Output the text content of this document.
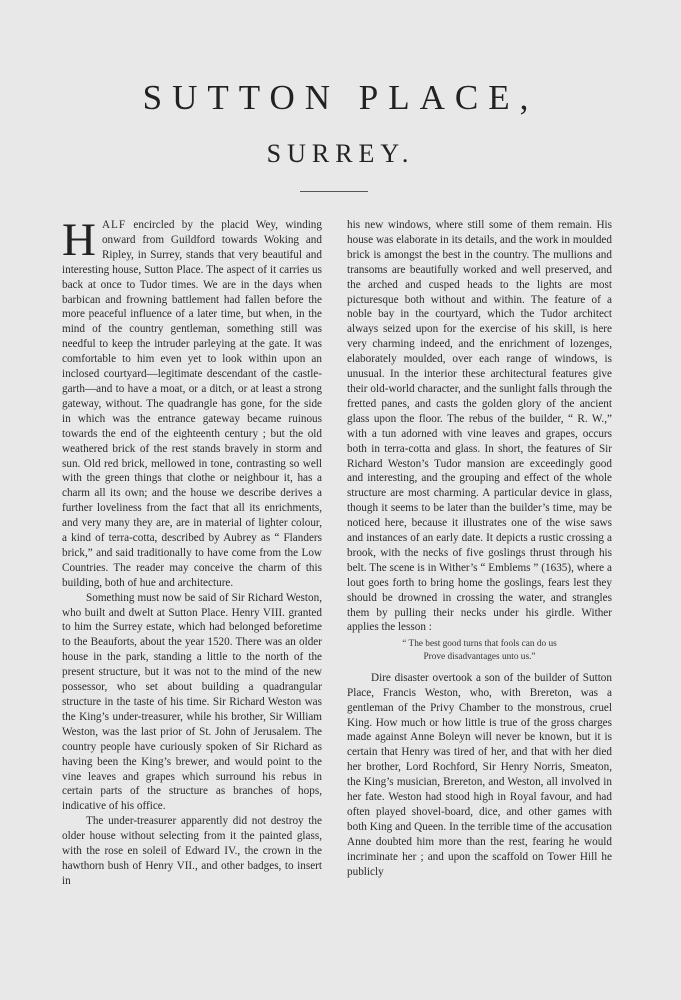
SUTTON PLACE,
SURREY.

HALF encircled by the placid Wey, winding onward from Guildford towards Woking and Ripley, in Surrey, stands that very beautiful and interesting house, Sutton Place. The aspect of it carries us back at once to Tudor times. We are in the days when barbican and frowning battlement had fallen before the more peaceful influence of a later time, but when, in the mind of the country gentleman, something still was needful to keep the intruder parleying at the gate. It was comfortable to him even yet to look within upon an inclosed courtyard—legitimate descendant of the castle-garth—and to have a moat, or a ditch, or at least a strong gateway, without. The quadrangle has gone, for the side in which was the entrance gateway became ruinous towards the end of the eighteenth century ; but the old weathered brick of the rest stands bravely in storm and sun. Old red brick, mellowed in tone, contrasting so well with the green things that clothe or neighbour it, has a charm all its own; and the house we describe derives a further loveliness from the fact that all its enrichments, and very many they are, are in material of lighter colour, a kind of terra-cotta, described by Aubrey as “ Flanders brick,” and said traditionally to have come from the Low Countries. The reader may conceive the charm of this building, both of hue and architecture.

Something must now be said of Sir Richard Weston, who built and dwelt at Sutton Place. Henry VIII. granted to him the Surrey estate, which had belonged beforetime to the Beauforts, about the year 1520. There was an older house in the park, standing a little to the north of the present structure, but it was not to the mind of the new possessor, who set about building a quadrangular structure in the taste of his time. Sir Richard Weston was the King’s under-treasurer, while his brother, Sir William Weston, was the last prior of St. John of Jerusalem. The country people have curiously spoken of Sir Richard as having been the King’s brewer, and would point to the vine leaves and grapes which surround his rebus in certain parts of the structure as branches of hops, indicative of his office.

The under-treasurer apparently did not destroy the older house without selecting from it the painted glass, with the rose en soleil of Edward IV., the crown in the hawthorn bush of Henry VII., and other badges, to insert in

his new windows, where still some of them remain. His house was elaborate in its details, and the work in moulded brick is amongst the best in the country. The mullions and transoms are beautifully worked and well preserved, and the arched and cusped heads to the lights are most picturesque both without and within. The feature of a noble bay in the courtyard, which the Tudor architect always seized upon for the exercise of his skill, is here very charming indeed, and the enrichment of lozenges, elaborately moulded, over each range of windows, is unusual. In the interior these architectural features give their old-world character, and the sunlight falls through the fretted panes, and casts the golden glory of the ancient glass upon the floor. The rebus of the builder, “ R. W.,” with a tun adorned with vine leaves and grapes, occurs both in terra-cotta and glass. In short, the features of Sir Richard Weston’s Tudor mansion are exceedingly good and interesting, and the grouping and effect of the whole structure are most charming. A particular device in glass, though it seems to be later than the builder’s time, may be noticed here, because it illustrates one of the wise saws and instances of an early date. It depicts a rustic crossing a brook, with the necks of five goslings thrust through his belt. The scene is in Wither’s “ Emblems ” (1635), where a lout goes forth to bring home the goslings, fears lest they should be drowned in crossing the water, and strangles them by pulling their necks under his girdle. Wither applies the lesson :

“ The best good turns that fools can do us
Prove disadvantages unto us.”

Dire disaster overtook a son of the builder of Sutton Place, Francis Weston, who, with Brereton, was a gentleman of the Privy Chamber to the monstrous, cruel King. How much or how little is true of the gross charges made against Anne Boleyn will never be known, but it is certain that Henry was tired of her, and that with her died her brother, Lord Rochford, Sir Henry Norris, Smeaton, the King’s musician, Brereton, and Weston, all involved in her fate. Weston had stood high in Royal favour, and had often played shovel-board, dice, and other games with both King and Queen. In the terrible time of the accusation Anne doubted him more than the rest, fearing he would incriminate her ; and upon the scaffold on Tower Hill he publicly
